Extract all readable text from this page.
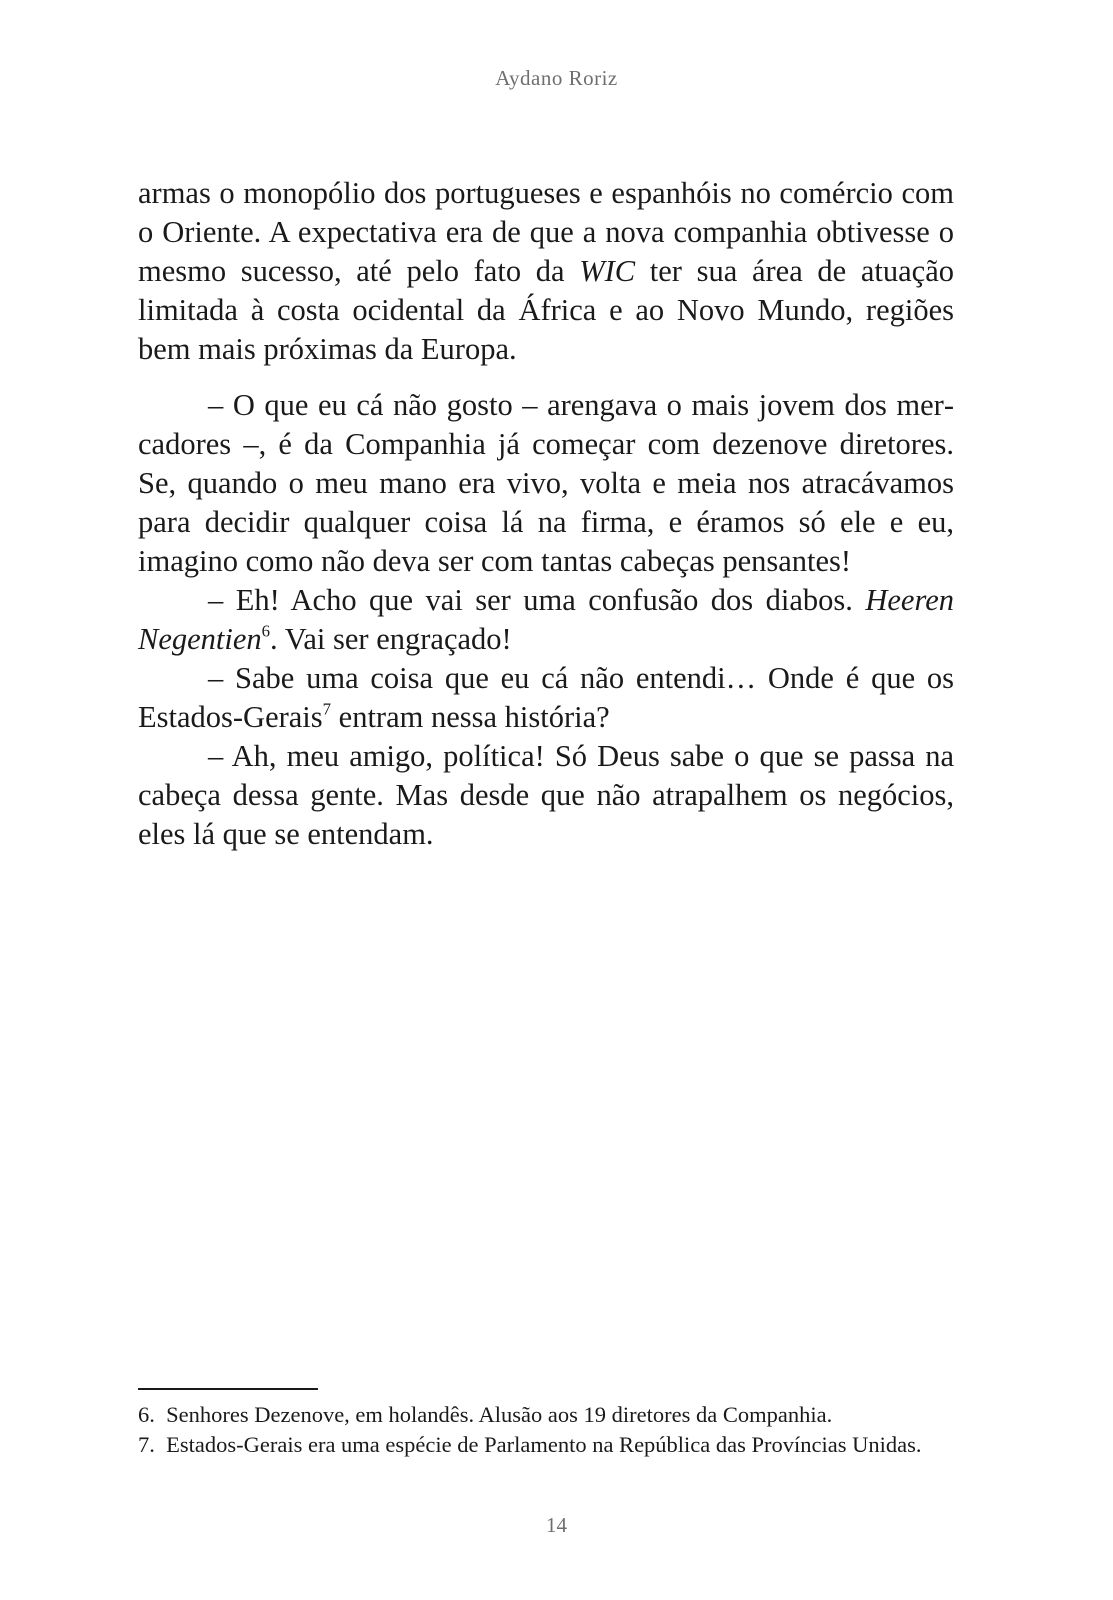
Aydano Roriz

armas o monopólio dos portugueses e espanhóis no comércio com o Oriente. A expectativa era de que a nova companhia obtivesse o mesmo sucesso, até pelo fato da WIC ter sua área de atuação limitada à costa ocidental da África e ao Novo Mundo, regiões bem mais próximas da Europa.

– O que eu cá não gosto – arengava o mais jovem dos mercadores –, é da Companhia já começar com dezenove diretores. Se, quando o meu mano era vivo, volta e meia nos atracávamos para decidir qualquer coisa lá na firma, e éramos só ele e eu, imagino como não deva ser com tantas cabeças pensantes!

– Eh! Acho que vai ser uma confusão dos diabos. Heeren Negentien$^6$. Vai ser engraçado!

– Sabe uma coisa que eu cá não entendi… Onde é que os Estados-Gerais$^7$ entram nessa história?

– Ah, meu amigo, política! Só Deus sabe o que se passa na cabeça dessa gente. Mas desde que não atrapalhem os negócios, eles lá que se entendam.

6. Senhores Dezenove, em holandês. Alusão aos 19 diretores da Companhia.

7. Estados-Gerais era uma espécie de Parlamento na República das Províncias Unidas.

14
